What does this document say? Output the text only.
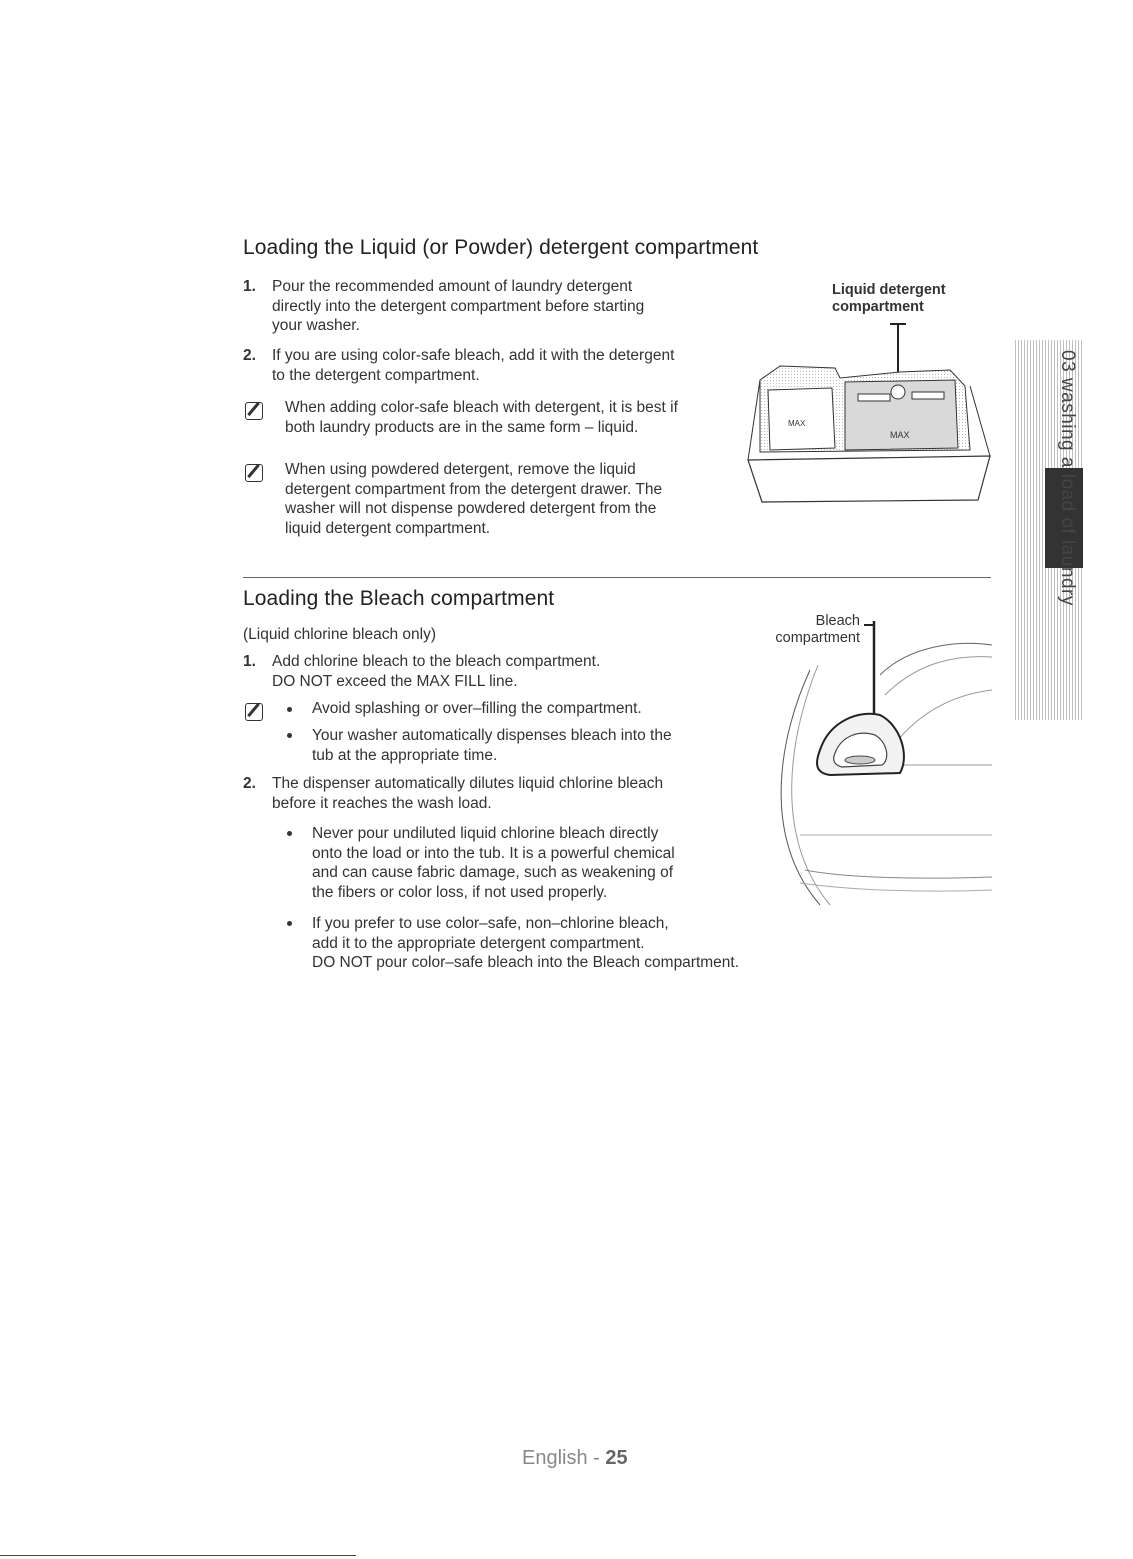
Loading the Liquid (or Powder) detergent compartment
1. Pour the recommended amount of laundry detergent
directly into the detergent compartment before starting
your washer.
2. If you are using color-safe bleach, add it with the detergent
to the detergent compartment.
When adding color-safe bleach with detergent, it is best if
both laundry products are in the same form – liquid.
When using powdered detergent, remove the liquid
detergent compartment from the detergent drawer. The
washer will not dispense powdered detergent from the
liquid detergent compartment.
Liquid detergent
compartment
MAX
MAX
Loading the Bleach compartment
(Liquid chlorine bleach only)
1. Add chlorine bleach to the bleach compartment.
DO NOT exceed the MAX FILL line.
Avoid splashing or over–filling the compartment.
Your washer automatically dispenses bleach into the
tub at the appropriate time.
2. The dispenser automatically dilutes liquid chlorine bleach
before it reaches the wash load.
Never pour undiluted liquid chlorine bleach directly
onto the load or into the tub. It is a powerful chemical
and can cause fabric damage, such as weakening of
the fibers or color loss, if not used properly.
If you prefer to use color–safe, non–chlorine bleach,
add it to the appropriate detergent compartment.
DO NOT pour color–safe bleach into the Bleach compartment.
Bleach
compartment
03 washing a load of laundry
English - 25
